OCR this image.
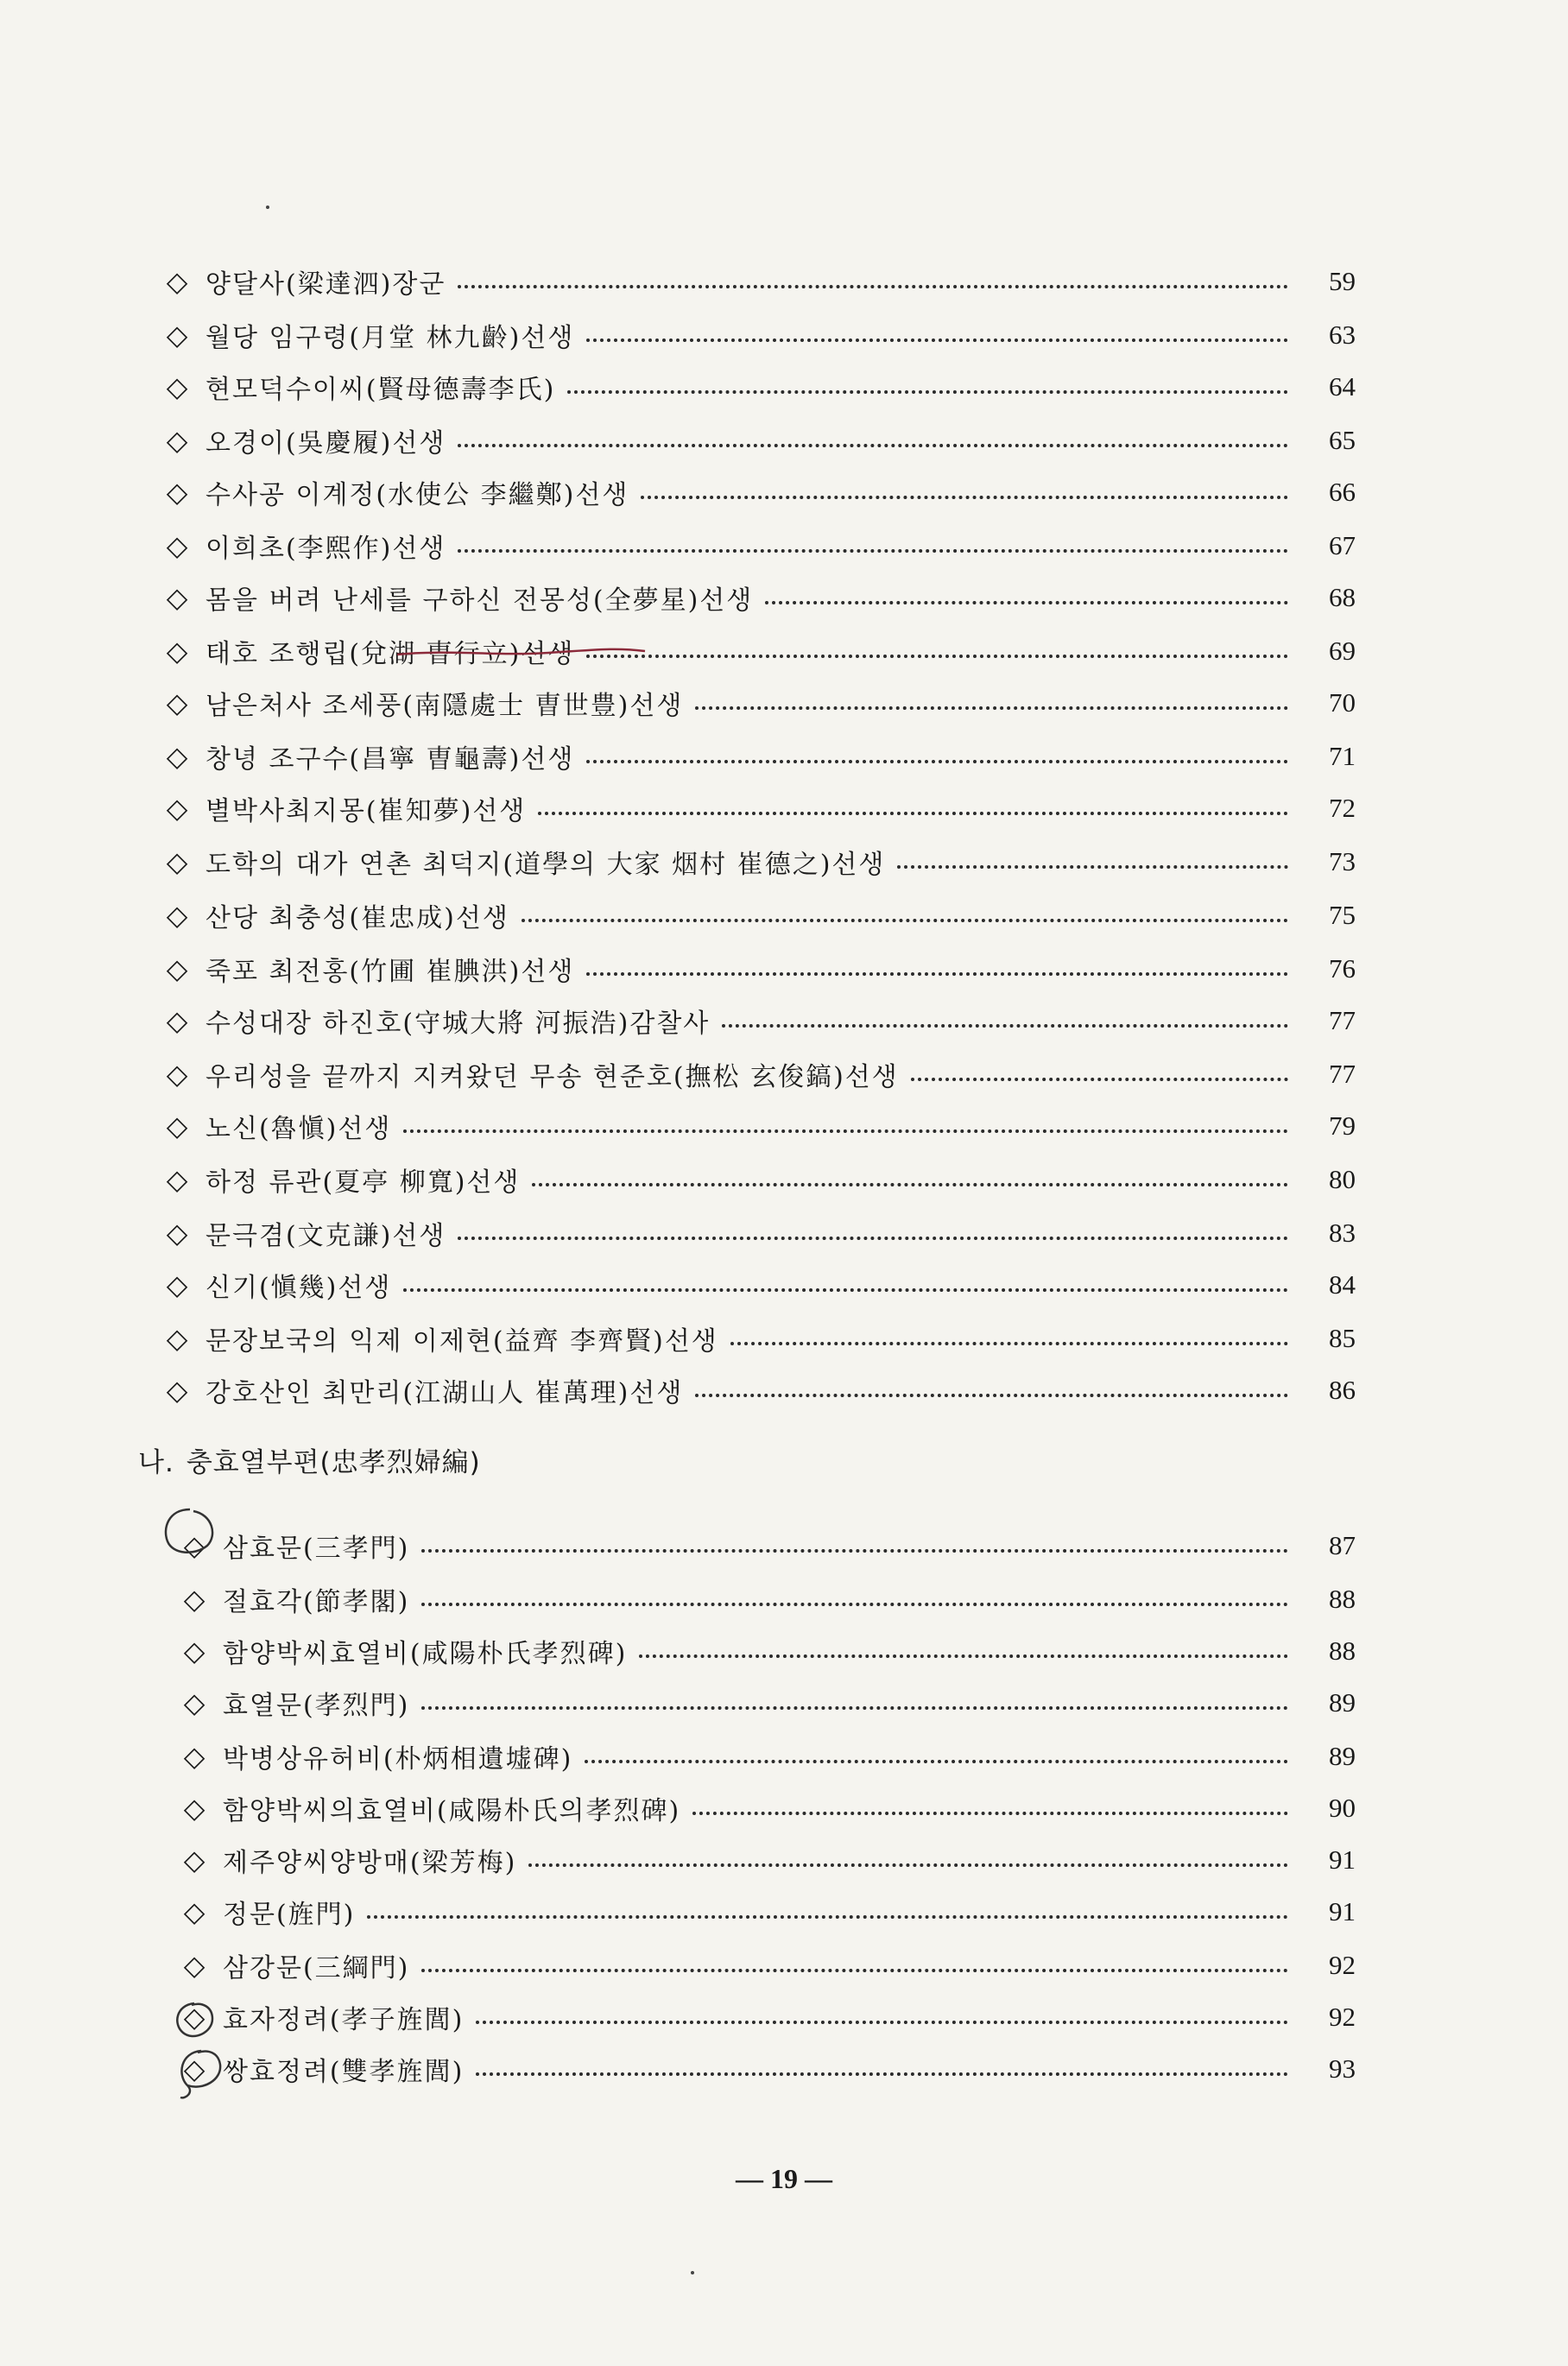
◇ 양달사(梁達泗)장군	59
◇ 월당 임구령(月堂 林九齡)선생	63
◇ 현모덕수이씨(賢母德壽李氏)	64
◇ 오경이(吳慶履)선생	65
◇ 수사공 이계정(水使公 李繼鄭)선생	66
◇ 이희초(李熙作)선생	67
◇ 몸을 버려 난세를 구하신 전몽성(全夢星)선생	68
◇ 태호 조행립(兌湖 曺行立)선생	69
◇ 남은처사 조세풍(南隱處士 曺世豊)선생	70
◇ 창녕 조구수(昌寧 曺龜壽)선생	71
◇ 별박사최지몽(崔知夢)선생	72
◇ 도학의 대가 연촌 최덕지(道學의 大家 烟村 崔德之)선생	73
◇ 산당 최충성(崔忠成)선생	75
◇ 죽포 최전홍(竹圃 崔腆洪)선생	76
◇ 수성대장 하진호(守城大將 河振浩)감찰사	77
◇ 우리성을 끝까지 지켜왔던 무송 현준호(撫松 玄俊鎬)선생	77
◇ 노신(魯愼)선생	79
◇ 하정 류관(夏亭 柳寬)선생	80
◇ 문극겸(文克謙)선생	83
◇ 신기(愼幾)선생	84
◇ 문장보국의 익제 이제현(益齊 李齊賢)선생	85
◇ 강호산인 최만리(江湖山人 崔萬理)선생	86
나. 충효열부편(忠孝烈婦編)
◇ 삼효문(三孝門)	87
◇ 절효각(節孝閣)	88
◇ 함양박씨효열비(咸陽朴氏孝烈碑)	88
◇ 효열문(孝烈門)	89
◇ 박병상유허비(朴炳相遺墟碑)	89
◇ 함양박씨의효열비(咸陽朴氏의孝烈碑)	90
◇ 제주양씨양방매(梁芳梅)	91
◇ 정문(旌門)	91
◇ 삼강문(三綱門)	92
◇ 효자정려(孝子旌閭)	92
◇ 쌍효정려(雙孝旌閭)	93
— 19 —
